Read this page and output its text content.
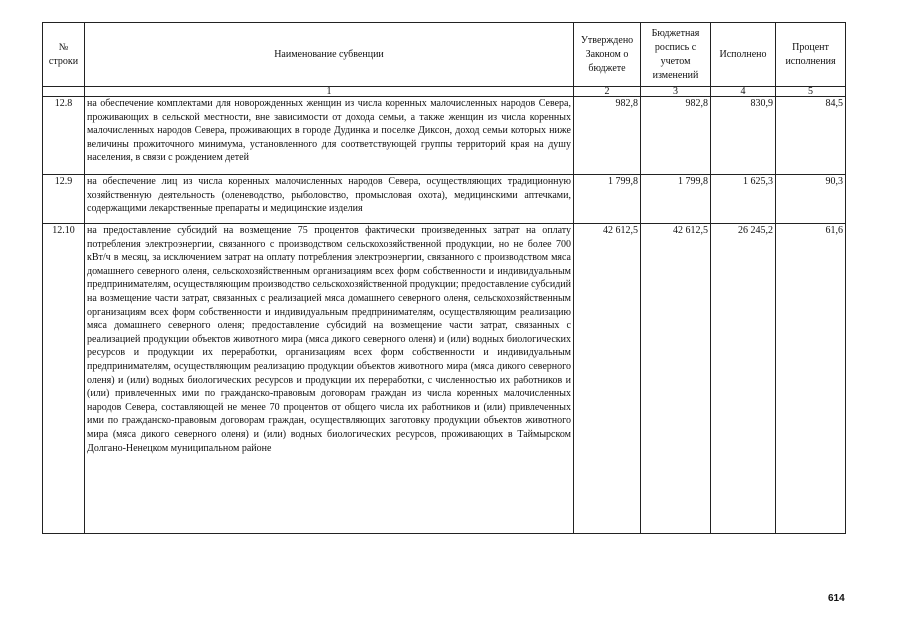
№ строки	Наименование субвенции	Утверждено Законом о бюджете	Бюджетная роспись с учетом изменений	Исполнено	Процент исполнения
	1	2	3	4	5
12.8	на обеспечение комплектами для новорожденных женщин из числа коренных малочисленных народов Севера, проживающих в сельской местности, вне зависимости от дохода семьи, а также женщин из числа коренных малочисленных народов Севера, проживающих в городе Дудинка и поселке Диксон, доход семьи которых ниже величины прожиточного минимума, установленного для соответствующей группы территорий края на душу населения, в связи с рождением детей	982,8	982,8	830,9	84,5
12.9	на обеспечение лиц из числа коренных малочисленных народов Севера, осуществляющих традиционную хозяйственную деятельность (оленеводство, рыболовство, промысловая охота), медицинскими аптечками, содержащими лекарственные препараты и медицинские изделия	1 799,8	1 799,8	1 625,3	90,3
12.10	на предоставление субсидий на возмещение 75 процентов фактически произведенных затрат на оплату потребления электроэнергии, связанного с производством сельскохозяйственной продукции, но не более 700 кВт/ч в месяц, за исключением затрат на оплату потребления электроэнергии, связанного с производством мяса домашнего северного оленя, сельскохозяйственным организациям всех форм собственности и индивидуальным предпринимателям, осуществляющим производство сельскохозяйственной продукции; предоставление субсидий на возмещение части затрат, связанных с реализацией мяса домашнего северного оленя, сельскохозяйственным организациям всех форм собственности и индивидуальным предпринимателям, осуществляющим реализацию мяса домашнего северного оленя; предоставление субсидий на возмещение части затрат, связанных с реализацией продукции объектов животного мира (мяса дикого северного оленя) и (или) водных биологических ресурсов и продукции их переработки, организациям всех форм собственности и индивидуальным предпринимателям, осуществляющим реализацию продукции объектов животного мира (мяса дикого северного оленя) и (или) водных биологических ресурсов и продукции их переработки, с численностью их работников и (или) привлеченных ими по гражданско-правовым договорам граждан из числа коренных малочисленных народов Севера, составляющей не менее 70 процентов от общего числа их работников и (или) привлеченных ими по гражданско-правовым договорам граждан, осуществляющих заготовку продукции объектов животного мира (мяса дикого северного оленя) и (или) водных биологических ресурсов, проживающих в Таймырском Долгано-Ненецком муниципальном районе	42 612,5	42 612,5	26 245,2	61,6
614
